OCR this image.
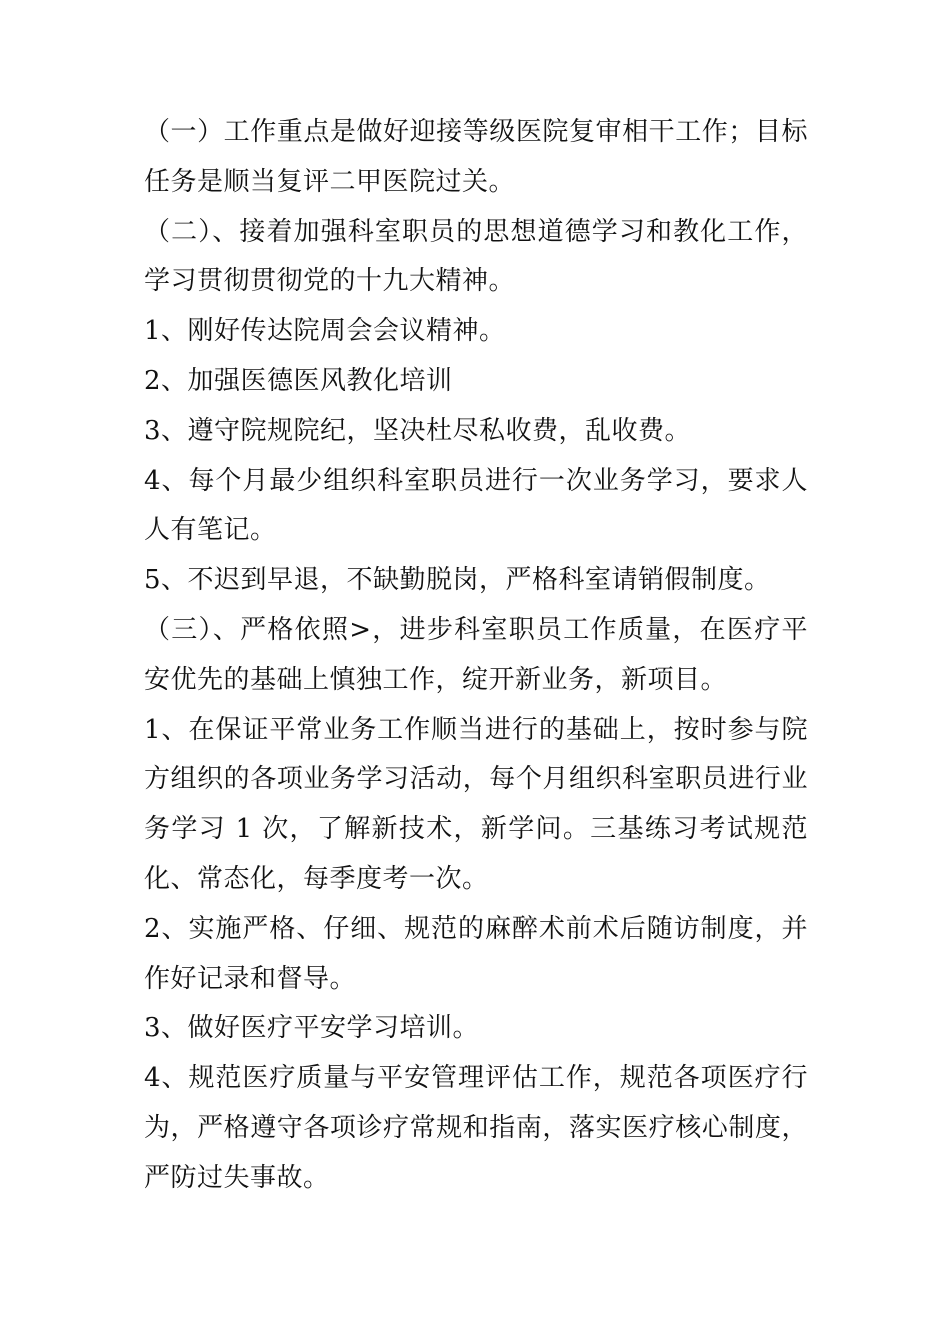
（一）工作重点是做好迎接等级医院复审相干工作；目标任务是顺当复评二甲医院过关。

（二）、接着加强科室职员的思想道德学习和教化工作，学习贯彻贯彻党的十九大精神。

1、刚好传达院周会会议精神。

2、加强医德医风教化培训

3、遵守院规院纪，坚决杜尽私收费，乱收费。

4、每个月最少组织科室职员进行一次业务学习，要求人人有笔记。

5、不迟到早退，不缺勤脱岗，严格科室请销假制度。

（三）、严格依照>，进步科室职员工作质量，在医疗平安优先的基础上慎独工作，绽开新业务，新项目。

1、在保证平常业务工作顺当进行的基础上，按时参与院方组织的各项业务学习活动，每个月组织科室职员进行业务学习 1 次，了解新技术，新学问。三基练习考试规范化、常态化，每季度考一次。

2、实施严格、仔细、规范的麻醉术前术后随访制度，并作好记录和督导。

3、做好医疗平安学习培训。

4、规范医疗质量与平安管理评估工作，规范各项医疗行为，严格遵守各项诊疗常规和指南，落实医疗核心制度，严防过失事故。
